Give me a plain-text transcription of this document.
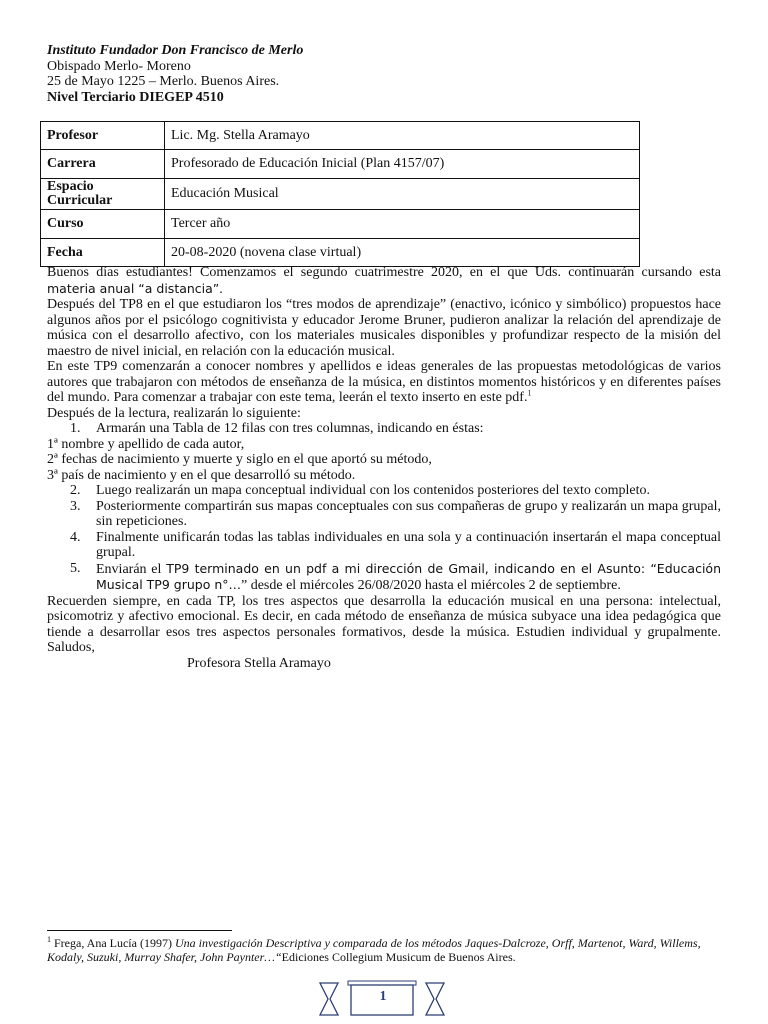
Instituto Fundador Don Francisco de Merlo
Obispado Merlo- Moreno
25 de Mayo 1225 – Merlo. Buenos Aires.
Nivel Terciario DIEGEP 4510
Profesor	Lic. Mg. Stella Aramayo
Carrera	Profesorado de Educación Inicial (Plan 4157/07)
Espacio Curricular	Educación Musical
Curso	Tercer año
Fecha	20-08-2020 (novena clase virtual)

Buenos días estudiantes! Comenzamos el segundo cuatrimestre 2020, en el que Uds. continuarán cursando esta materia anual “a distancia”.

Después del TP8 en el que estudiaron los “tres modos de aprendizaje” (enactivo, icónico y simbólico) propuestos hace algunos años por el psicólogo cognitivista y educador Jerome Bruner, pudieron analizar la relación del aprendizaje de música con el desarrollo afectivo, con los materiales musicales disponibles y profundizar respecto de la misión del maestro de nivel inicial, en relación con la educación musical.

En este TP9 comenzarán a conocer nombres y apellidos e ideas generales de las propuestas metodológicas de varios autores que trabajaron con métodos de enseñanza de la música, en distintos momentos históricos y en diferentes países del mundo. Para comenzar a trabajar con este tema, leerán el texto inserto en este pdf.$^1$

Después de la lectura, realizarán lo siguiente:

1.	Armarán una Tabla de 12 filas con tres columnas, indicando en éstas:

1ª nombre y apellido de cada autor,

2ª fechas de nacimiento y muerte y siglo en el que aportó su método,

3ª país de nacimiento y en el que desarrolló su método.

2.	Luego realizarán un mapa conceptual individual con los contenidos posteriores del texto completo.
3.	Posteriormente compartirán sus mapas conceptuales con sus compañeras de grupo y realizarán un mapa grupal, sin repeticiones.
4.	Finalmente unificarán todas las tablas individuales en una sola y a continuación insertarán el mapa conceptual grupal.
5.	Enviarán el TP9 terminado en un pdf a mi dirección de Gmail, indicando en el Asunto: “Educación Musical TP9 grupo n°…” desde el miércoles 26/08/2020 hasta el miércoles 2 de septiembre.

Recuerden siempre, en cada TP, los tres aspectos que desarrolla la educación musical en una persona: intelectual, psicomotriz y afectivo emocional. Es decir, en cada método de enseñanza de música subyace una idea pedagógica que tiende a desarrollar esos tres aspectos personales formativos, desde la música. Estudien individual y grupalmente. Saludos,

Profesora Stella Aramayo

$^1$ Frega, Ana Lucía (1997) Una investigación Descriptiva y comparada de los métodos Jaques-Dalcroze, Orff, Martenot, Ward, Willems, Kodaly, Suzuki, Murray Shafer, John Paynter…“Ediciones Collegium Musicum de Buenos Aires.
1
